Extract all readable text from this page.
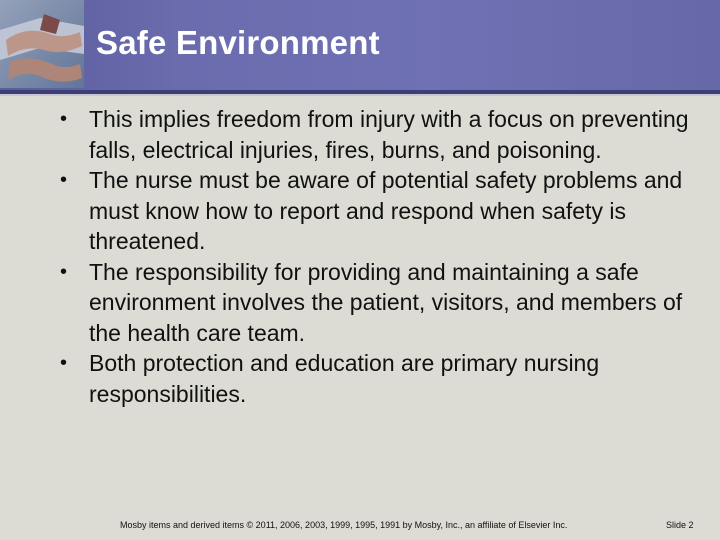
Safe Environment
• This implies freedom from injury with a focus on preventing falls, electrical injuries, fires, burns, and poisoning.
• The nurse must be aware of potential safety problems and must know how to report and respond when safety is threatened.
• The responsibility for providing and maintaining a safe environment involves the patient, visitors, and members of the health care team.
• Both protection and education are primary nursing responsibilities.
Mosby items and derived items © 2011, 2006, 2003, 1999, 1995, 1991 by Mosby, Inc., an affiliate of Elsevier Inc.	Slide 2
